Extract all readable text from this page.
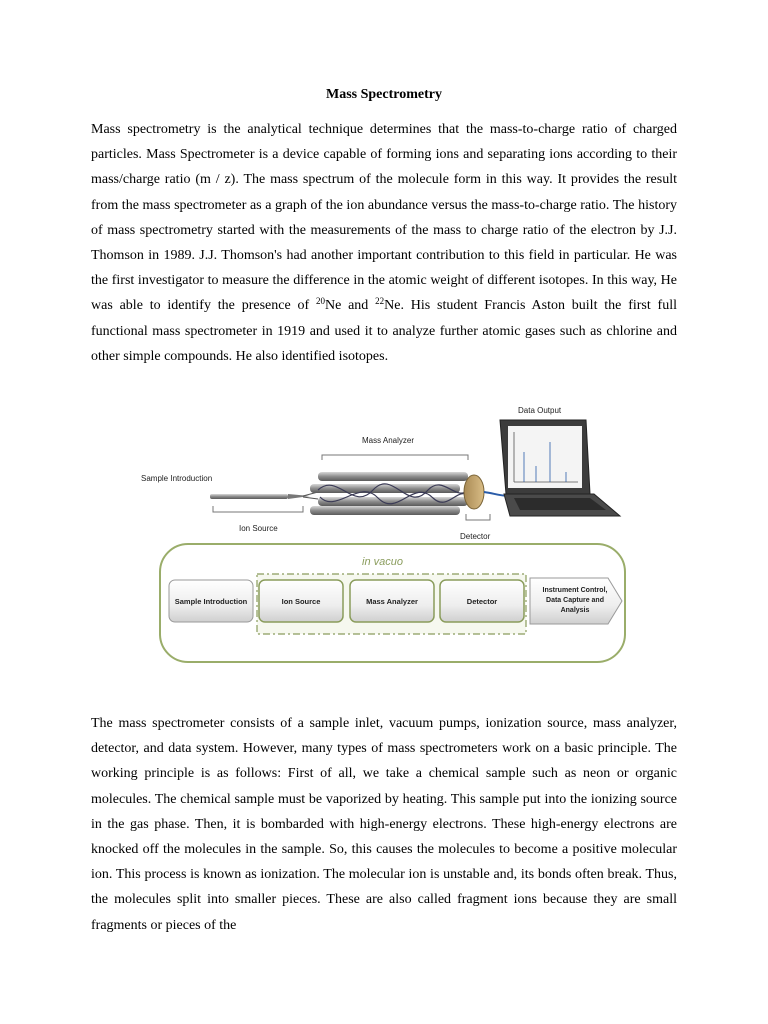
Mass Spectrometry

Mass spectrometry is the analytical technique determines that the mass-to-charge ratio of charged particles. Mass Spectrometer is a device capable of forming ions and separating ions according to their mass/charge ratio (m / z). The mass spectrum of the molecule form in this way. It provides the result from the mass spectrometer as a graph of the ion abundance versus the mass-to-charge ratio. The history of mass spectrometry started with the measurements of the mass to charge ratio of the electron by J.J. Thomson in 1989. J.J. Thomson's had another important contribution to this field in particular. He was the first investigator to measure the difference in the atomic weight of different isotopes. In this way, He was able to identify the presence of $^{20}$Ne and $^{22}$Ne. His student Francis Aston built the first full functional mass spectrometer in 1919 and used it to analyze further atomic gases such as chlorine and other simple compounds. He also identified isotopes.

The mass spectrometer consists of a sample inlet, vacuum pumps, ionization source, mass analyzer, detector, and data system. However, many types of mass spectrometers work on a basic principle. The working principle is as follows: First of all, we take a chemical sample such as neon or organic molecules. The chemical sample must be vaporized by heating. This sample put into the ionizing source in the gas phase. Then, it is bombarded with high-energy electrons. These high-energy electrons are knocked off the molecules in the sample. So, this causes the molecules to become a positive molecular ion. This process is known as ionization. The molecular ion is unstable and, its bonds often break. Thus, the molecules split into smaller pieces. These are also called fragment ions because they are small fragments or pieces of the

Data Output
Mass Analyzer
Sample Introduction
Ion Source
Detector
in vacuo
Sample Introduction	Ion Source	Mass Analyzer	Detector
Instrument Control,
Data Capture and
Analysis
